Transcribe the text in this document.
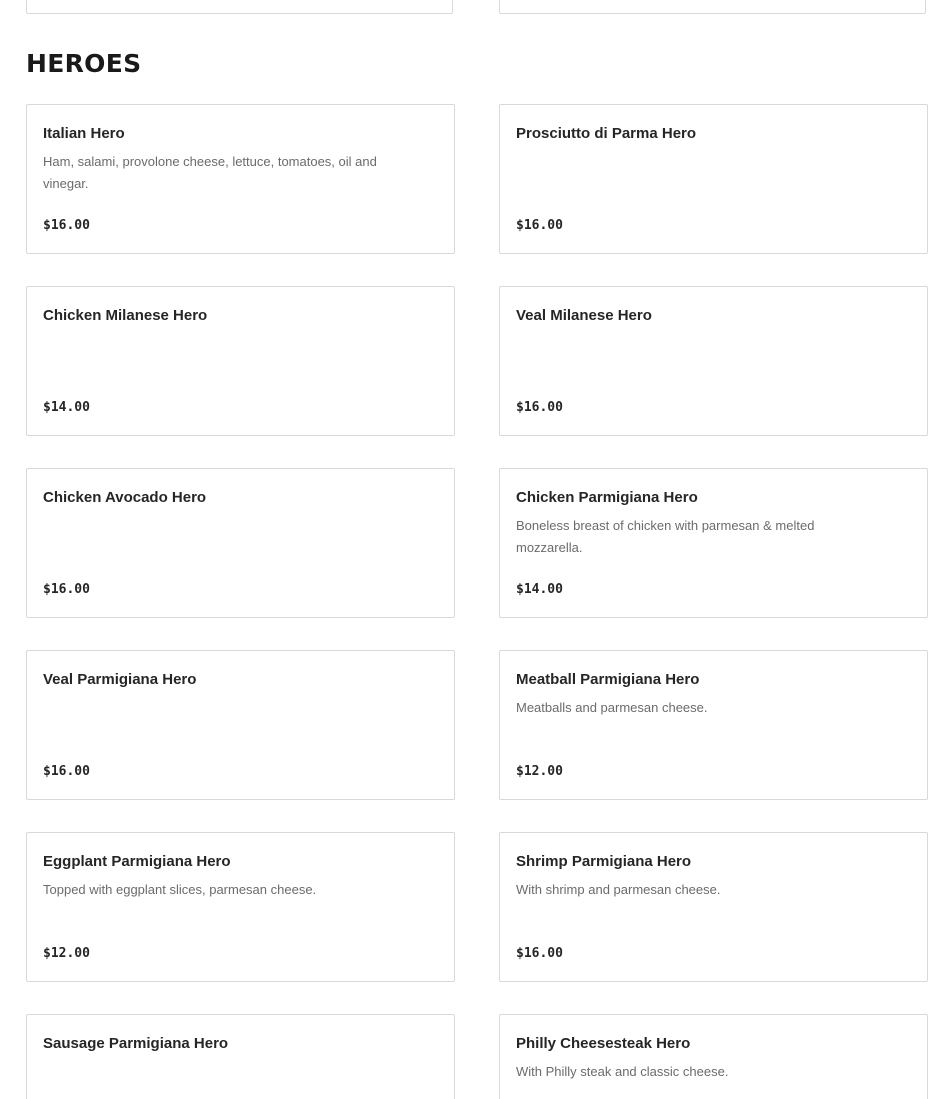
HEROES
Italian Hero
Ham, salami, provolone cheese, lettuce, tomatoes, oil and vinegar.
$16.00
Prosciutto di Parma Hero
$16.00
Chicken Milanese Hero
$14.00
Veal Milanese Hero
$16.00
Chicken Avocado Hero
$16.00
Chicken Parmigiana Hero
Boneless breast of chicken with parmesan & melted mozzarella.
$14.00
Veal Parmigiana Hero
$16.00
Meatball Parmigiana Hero
Meatballs and parmesan cheese.
$12.00
Eggplant Parmigiana Hero
Topped with eggplant slices, parmesan cheese.
$12.00
Shrimp Parmigiana Hero
With shrimp and parmesan cheese.
$16.00
Sausage Parmigiana Hero	Philly Cheesesteak Hero
With Philly steak and classic cheese.
